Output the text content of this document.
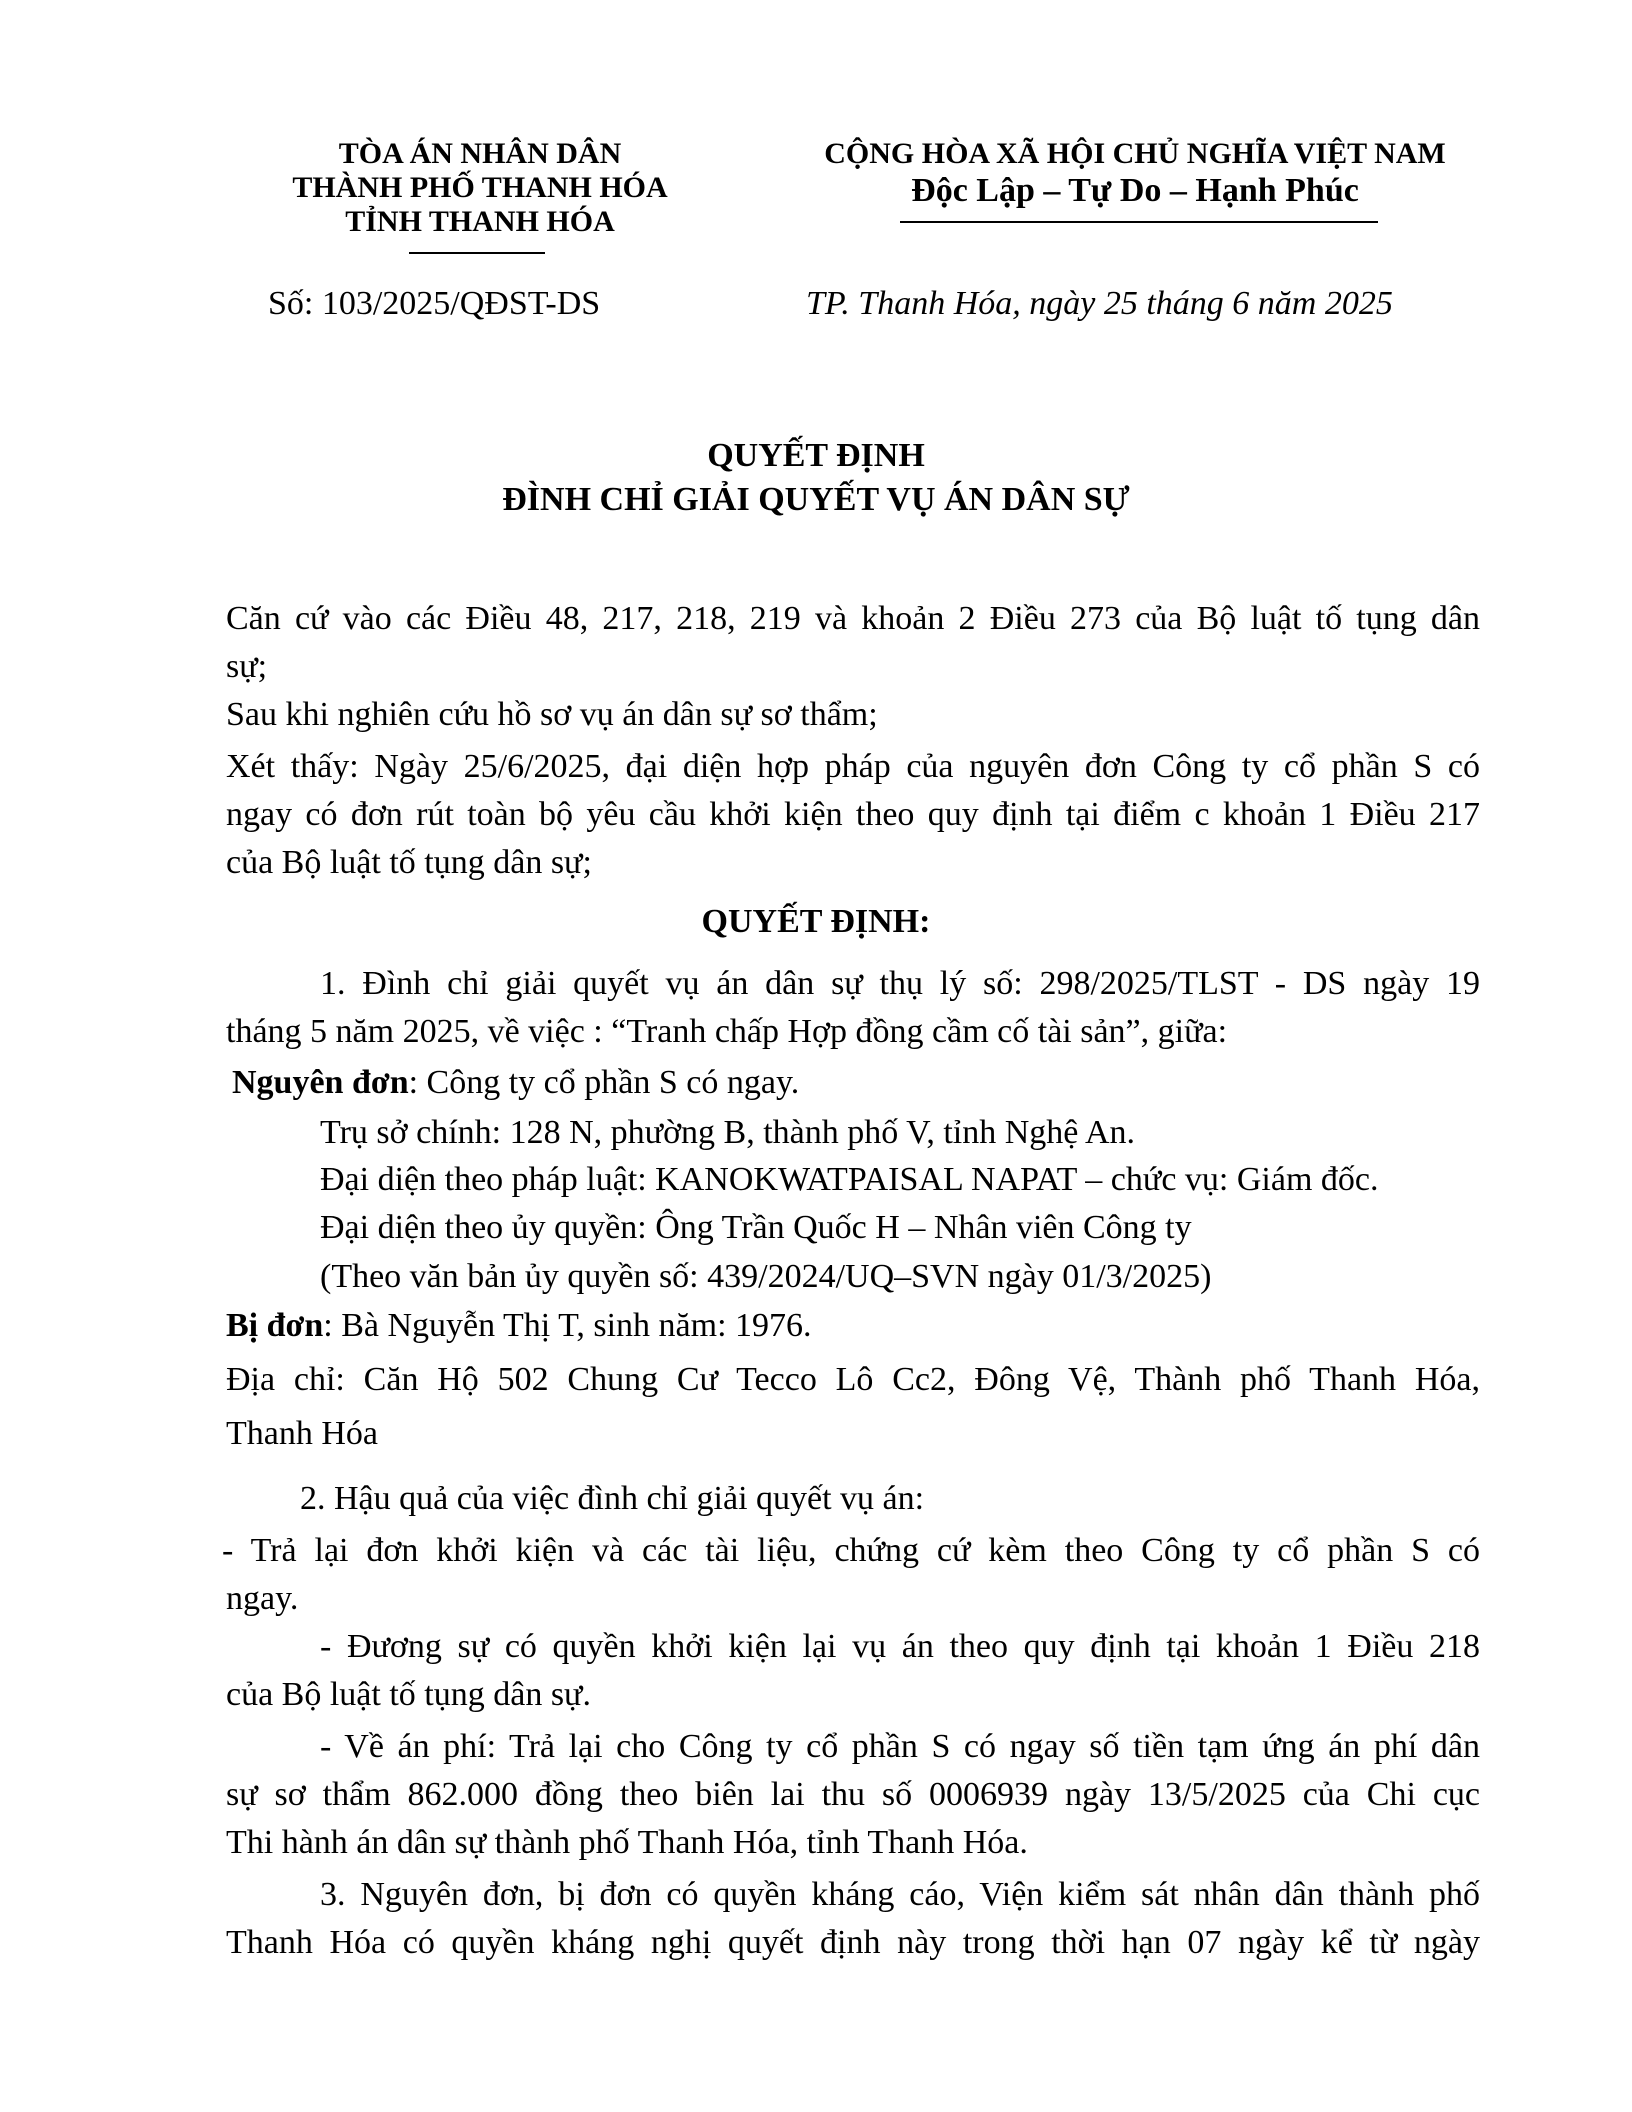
TÒA ÁN NHÂN DÂN
THÀNH PHỐ THANH HÓA
TỈNH THANH HÓA
CỘNG HÒA XÃ HỘI CHỦ NGHĨA VIỆT NAM
Độc Lập – Tự Do – Hạnh Phúc
Số: 103/2025/QĐST-DS	TP. Thanh Hóa, ngày 25 tháng 6 năm 2025
QUYẾT ĐỊNH
ĐÌNH CHỈ GIẢI QUYẾT VỤ ÁN DÂN SỰ
Căn cứ vào các Điều 48, 217, 218, 219 và khoản 2 Điều 273 của Bộ luật tố tụng dân
sự;
Sau khi nghiên cứu hồ sơ vụ án dân sự sơ thẩm;
Xét thấy: Ngày 25/6/2025, đại diện hợp pháp của nguyên đơn Công ty cổ phần S có
ngay có đơn rút toàn bộ yêu cầu khởi kiện theo quy định tại điểm c khoản 1 Điều 217
của Bộ luật tố tụng dân sự;
QUYẾT ĐỊNH:
1. Đình chỉ giải quyết vụ án dân sự thụ lý số: 298/2025/TLST - DS ngày 19
tháng 5 năm 2025, về việc : “Tranh chấp Hợp đồng cầm cố tài sản”, giữa:
Nguyên đơn: Công ty cổ phần S có ngay.
Trụ sở chính: 128 N, phường B, thành phố V, tỉnh Nghệ An.
Đại diện theo pháp luật: KANOKWATPAISAL NAPAT – chức vụ: Giám đốc.
Đại diện theo ủy quyền: Ông Trần Quốc H – Nhân viên Công ty
(Theo văn bản ủy quyền số: 439/2024/UQ–SVN ngày 01/3/2025)
Bị đơn: Bà Nguyễn Thị T, sinh năm: 1976.
Địa chỉ: Căn Hộ 502 Chung Cư Tecco Lô Cc2, Đông Vệ, Thành phố Thanh Hóa,
Thanh Hóa
2. Hậu quả của việc đình chỉ giải quyết vụ án:
- Trả lại đơn khởi kiện và các tài liệu, chứng cứ kèm theo Công ty cổ phần S có
ngay.
- Đương sự có quyền khởi kiện lại vụ án theo quy định tại khoản 1 Điều 218
của Bộ luật tố tụng dân sự.
- Về án phí: Trả lại cho Công ty cổ phần S có ngay số tiền tạm ứng án phí dân
sự sơ thẩm 862.000 đồng theo biên lai thu số 0006939 ngày 13/5/2025 của Chi cục
Thi hành án dân sự thành phố Thanh Hóa, tỉnh Thanh Hóa.
3. Nguyên đơn, bị đơn có quyền kháng cáo, Viện kiểm sát nhân dân thành phố
Thanh Hóa có quyền kháng nghị quyết định này trong thời hạn 07 ngày kể từ ngày
